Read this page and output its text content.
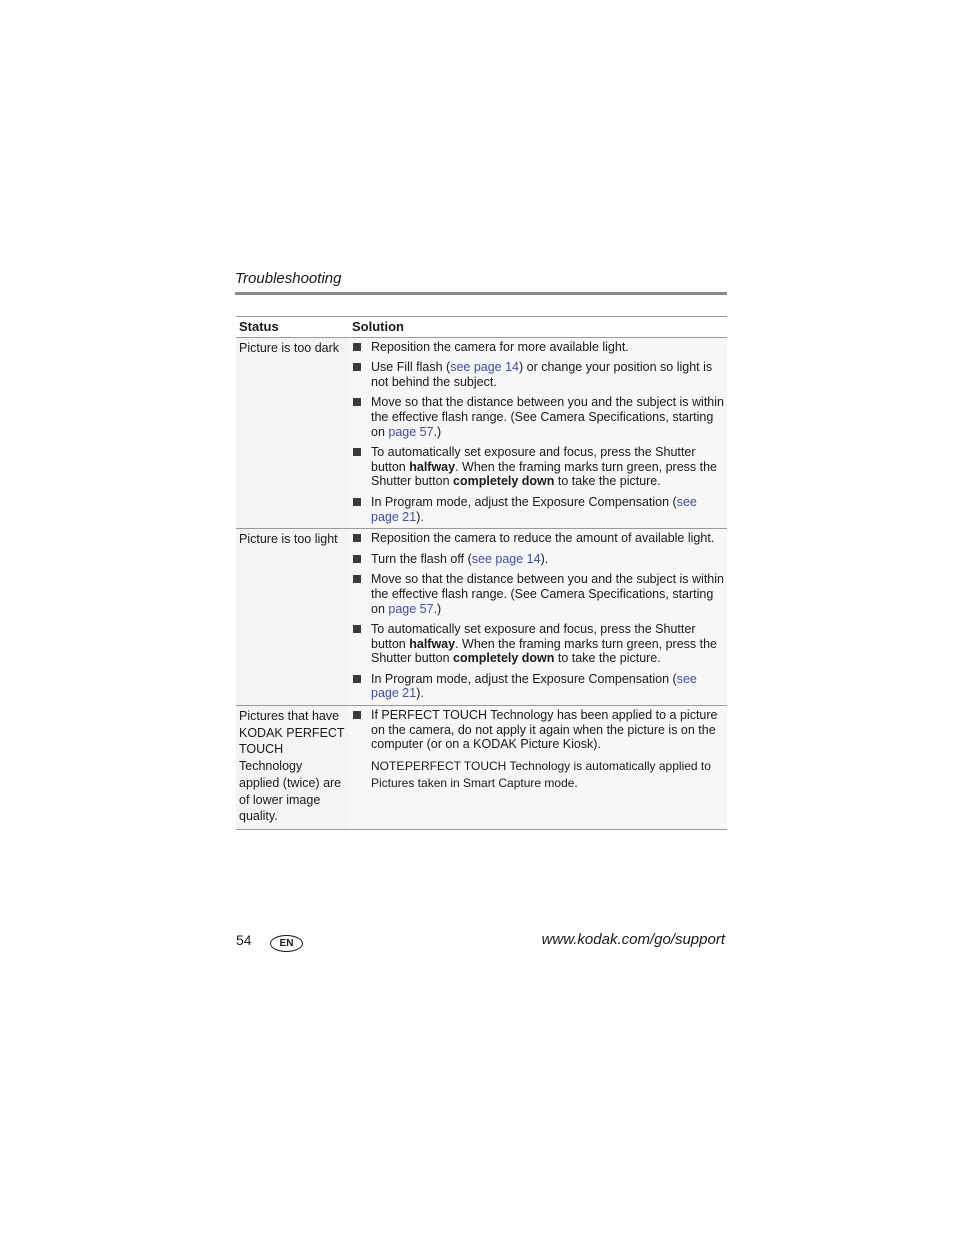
Troubleshooting
Status	Solution
Picture is too dark	Reposition the camera for more available light.
Use Fill flash (see page 14) or change your position so light is not behind the subject.
Move so that the distance between you and the subject is within the effective flash range. (See Camera Specifications, starting on page 57.)
To automatically set exposure and focus, press the Shutter button halfway. When the framing marks turn green, press the Shutter button completely down to take the picture.
In Program mode, adjust the Exposure Compensation (see page 21).

Picture is too light	Reposition the camera to reduce the amount of available light.
Turn the flash off (see page 14).
Move so that the distance between you and the subject is within the effective flash range. (See Camera Specifications, starting on page 57.)
To automatically set exposure and focus, press the Shutter button halfway. When the framing marks turn green, press the Shutter button completely down to take the picture.
In Program mode, adjust the Exposure Compensation (see page 21).

Pictures that have KODAK PERFECT TOUCH Technology applied (twice) are of lower image quality.	If PERFECT TOUCH Technology has been applied to a picture on the camera, do not apply it again when the picture is on the computer (or on a KODAK Picture Kiosk).
NOTE:PERFECT TOUCH Technology is automatically applied to Pictures taken in Smart Capture mode.
54	EN	www.kodak.com/go/support
